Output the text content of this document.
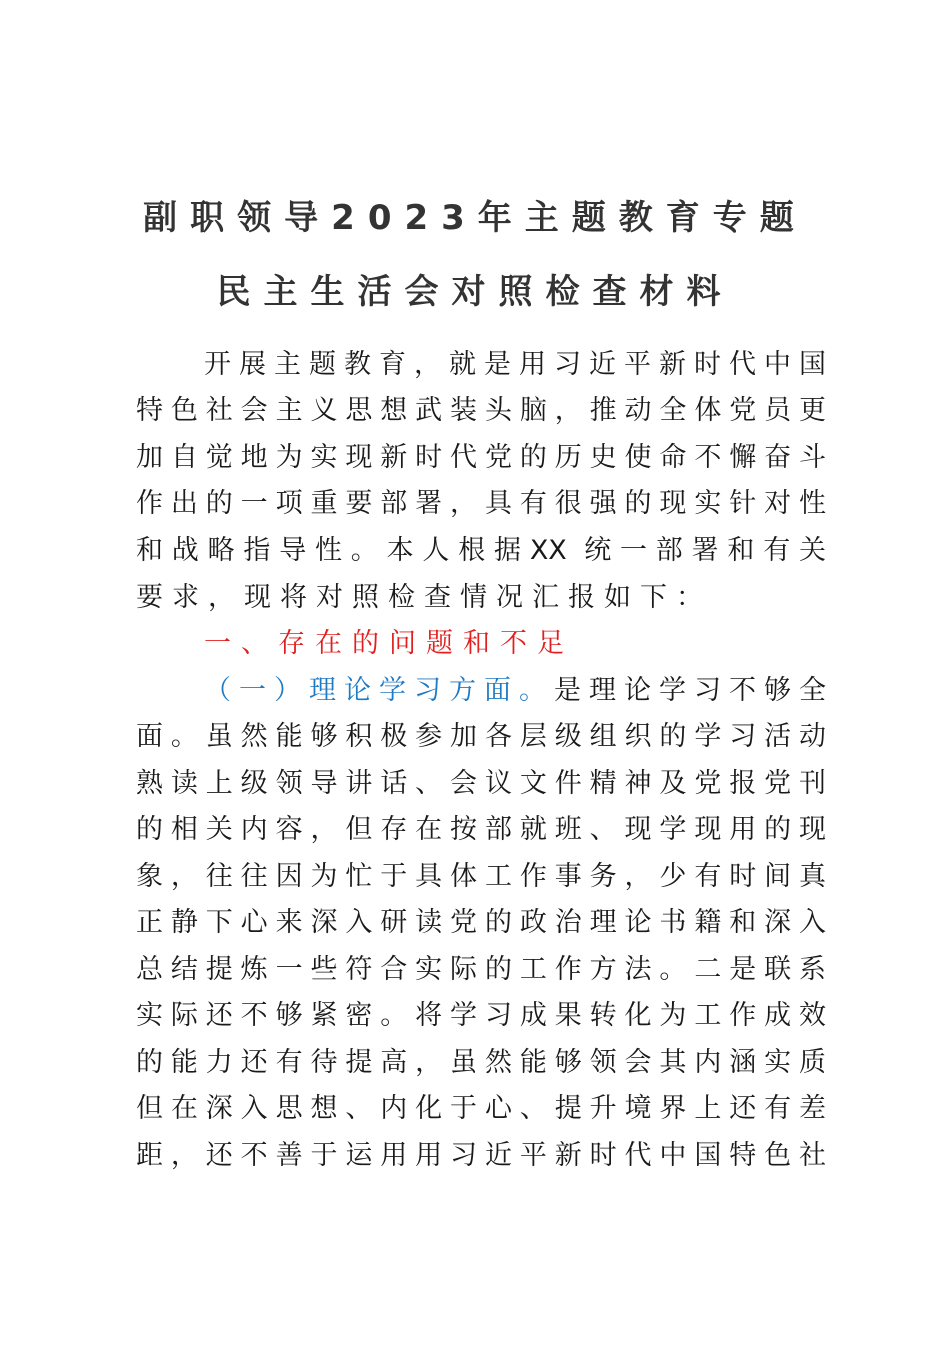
副职领导2023年主题教育专题
民主生活会对照检查材料
开展主题教育，就是用习近平新时代中国
特色社会主义思想武装头脑，推动全体党员更
加自觉地为实现新时代党的历史使命不懈奋斗
作出的一项重要部署，具有很强的现实针对性
和战略指导性。本人根据XX 统一部署和有关
要求，现将对照检查情况汇报如下：
一、存在的问题和不足
（一）理论学习方面。是理论学习不够全
面。虽然能够积极参加各层级组织的学习活动
熟读上级领导讲话、会议文件精神及党报党刊
的相关内容，但存在按部就班、现学现用的现
象，往往因为忙于具体工作事务，少有时间真
正静下心来深入研读党的政治理论书籍和深入
总结提炼一些符合实际的工作方法。二是联系
实际还不够紧密。将学习成果转化为工作成效
的能力还有待提高，虽然能够领会其内涵实质
但在深入思想、内化于心、提升境界上还有差
距，还不善于运用用习近平新时代中国特色社
